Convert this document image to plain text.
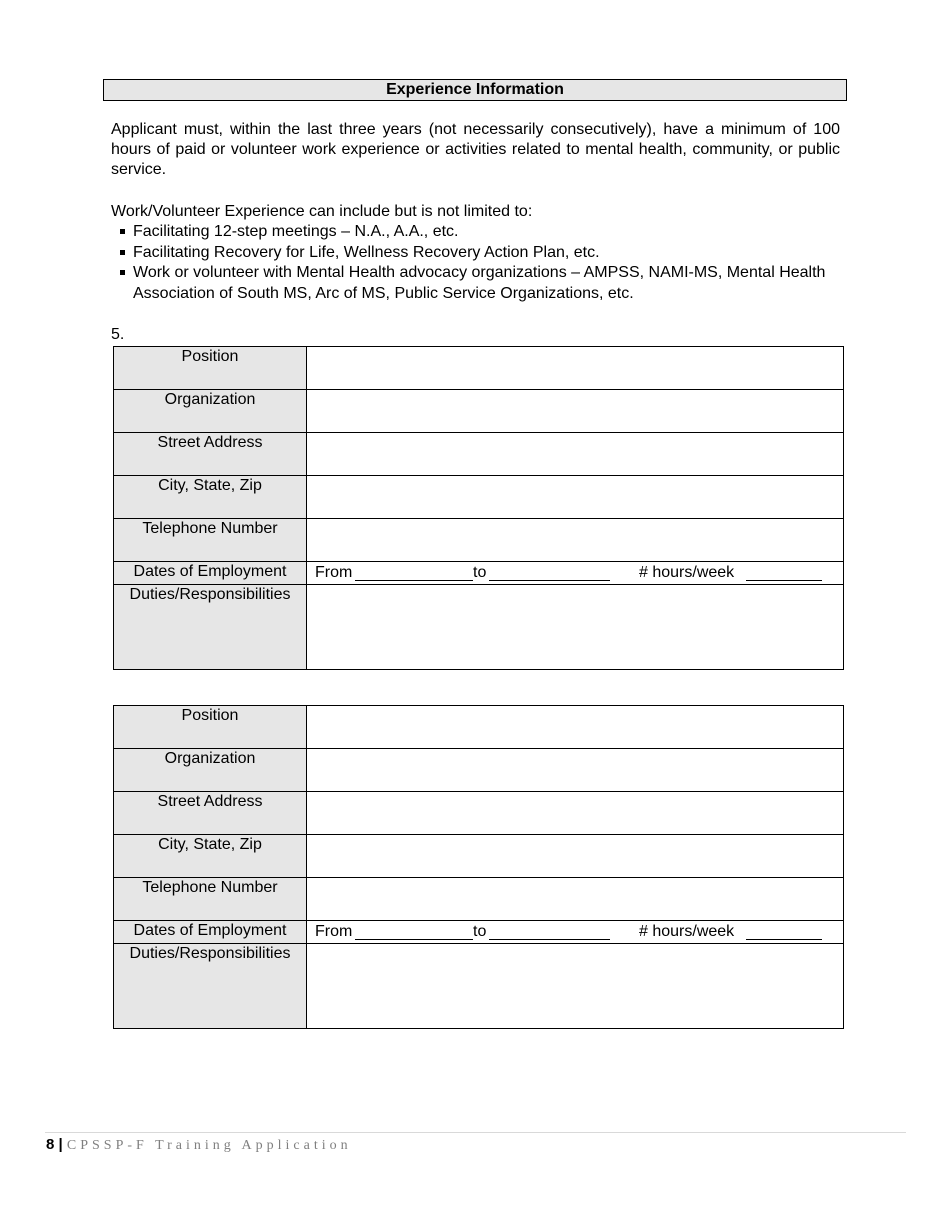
Experience Information

Applicant must, within the last three years (not necessarily consecutively), have a minimum of 100 hours of paid or volunteer work experience or activities related to mental health, community, or public service.

Work/Volunteer Experience can include but is not limited to:

Facilitating 12-step meetings – N.A., A.A., etc.
Facilitating Recovery for Life, Wellness Recovery Action Plan, etc.
Work or volunteer with Mental Health advocacy organizations – AMPSS, NAMI-MS, Mental Health Association of South MS, Arc of MS, Public Service Organizations, etc.
5.
Position	
Organization	
Street Address	
City, State, Zip	
Telephone Number	
Dates of Employment	From to # hours/week

Duties/Responsibilities	
Position	
Organization	
Street Address	
City, State, Zip	
Telephone Number	
Dates of Employment	From to # hours/week

Duties/Responsibilities	
8 | CPSSP-F Training Application
